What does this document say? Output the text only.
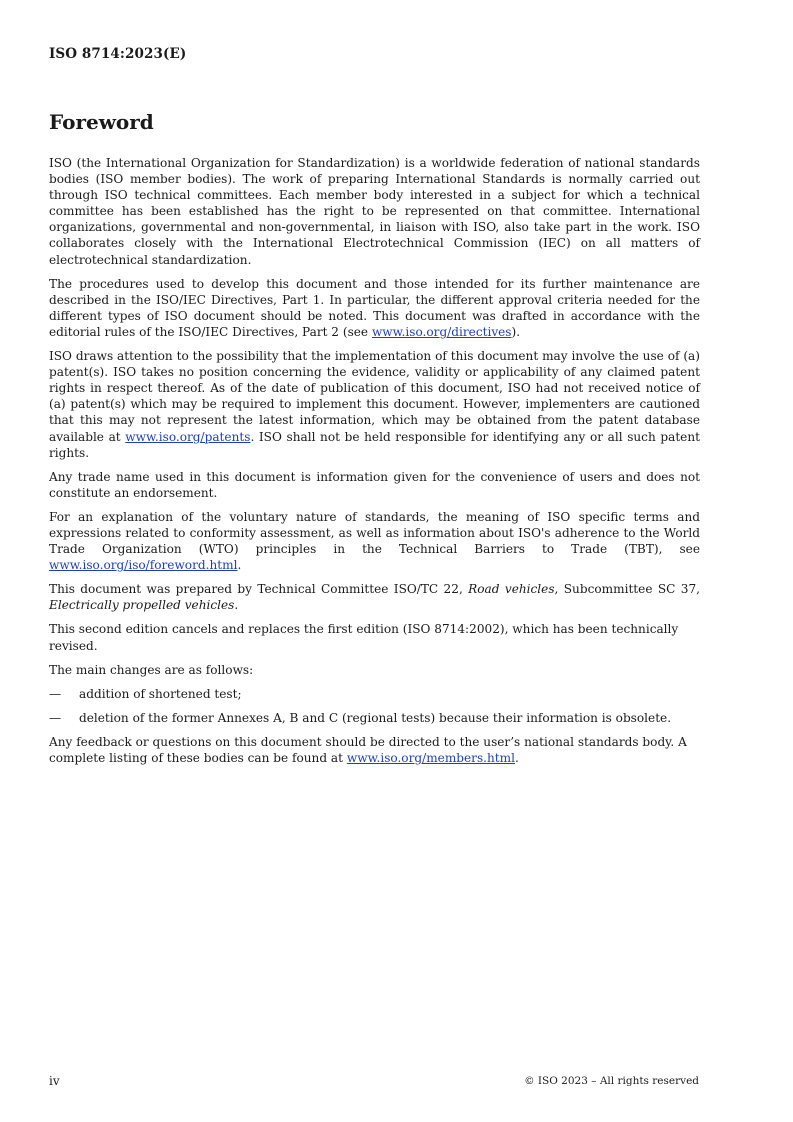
ISO 8714:2023(E)
Foreword

ISO (the International Organization for Standardization) is a worldwide federation of national standards bodies (ISO member bodies). The work of preparing International Standards is normally carried out through ISO technical committees. Each member body interested in a subject for which a technical committee has been established has the right to be represented on that committee. International organizations, governmental and non-governmental, in liaison with ISO, also take part in the work. ISO collaborates closely with the International Electrotechnical Commission (IEC) on all matters of electrotechnical standardization.

The procedures used to develop this document and those intended for its further maintenance are described in the ISO/IEC Directives, Part 1. In particular, the different approval criteria needed for the different types of ISO document should be noted. This document was drafted in accordance with the editorial rules of the ISO/IEC Directives, Part 2 (see www.iso.org/directives).

ISO draws attention to the possibility that the implementation of this document may involve the use of (a) patent(s). ISO takes no position concerning the evidence, validity or applicability of any claimed patent rights in respect thereof. As of the date of publication of this document, ISO had not received notice of (a) patent(s) which may be required to implement this document. However, implementers are cautioned that this may not represent the latest information, which may be obtained from the patent database available at www.iso.org/patents. ISO shall not be held responsible for identifying any or all such patent rights.

Any trade name used in this document is information given for the convenience of users and does not constitute an endorsement.

For an explanation of the voluntary nature of standards, the meaning of ISO specific terms and expressions related to conformity assessment, as well as information about ISO's adherence to the World Trade Organization (WTO) principles in the Technical Barriers to Trade (TBT), see www.iso.org/iso/foreword.html.

This document was prepared by Technical Committee ISO/TC 22, Road vehicles, Subcommittee SC 37, Electrically propelled vehicles.

This second edition cancels and replaces the first edition (ISO 8714:2002), which has been technically revised.

The main changes are as follows:

—	addition of shortened test;
—	deletion of the former Annexes A, B and C (regional tests) because their information is obsolete.

Any feedback or questions on this document should be directed to the user’s national standards body. A complete listing of these bodies can be found at www.iso.org/members.html.

iv	© ISO 2023 – All rights reserved
